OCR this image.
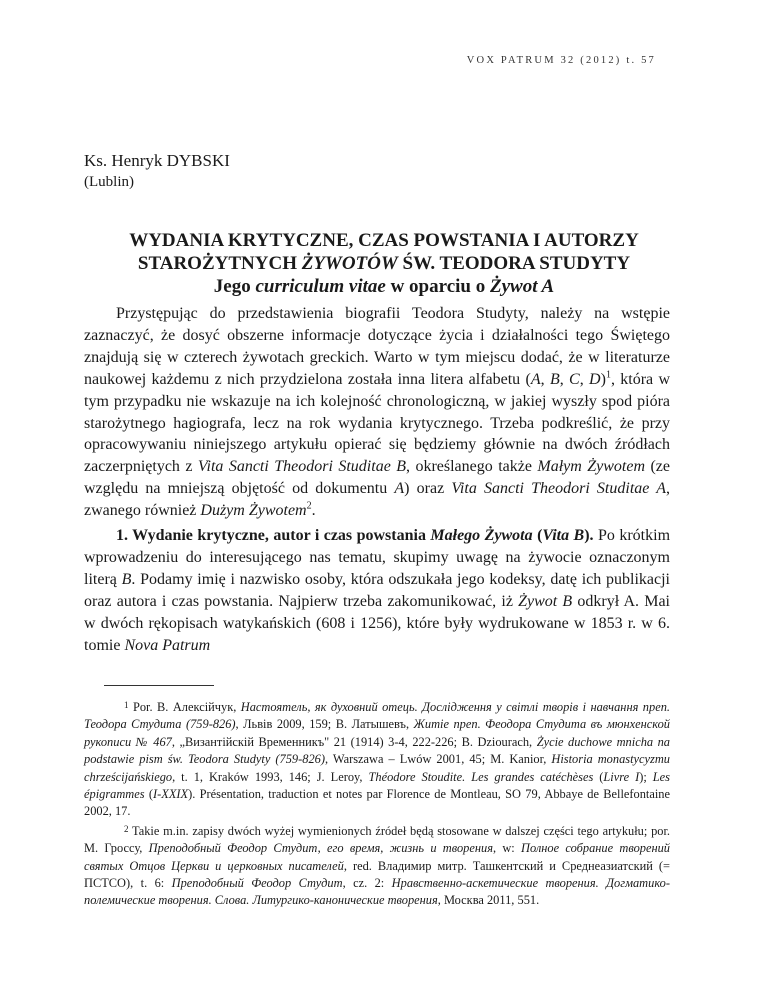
VOX PATRUM 32 (2012) t. 57
Ks. Henryk DYBSKI
(Lublin)
WYDANIA KRYTYCZNE, CZAS POWSTANIA I AUTORZY
STAROŻYTNYCH ŻYWOTÓW ŚW. TEODORA STUDYTY
Jego curriculum vitae w oparciu o Żywot A
Przystępując do przedstawienia biografii Teodora Studyty, należy na wstępie zaznaczyć, że dosyć obszerne informacje dotyczące życia i działalności tego Świętego znajdują się w czterech żywotach greckich. Warto w tym miejscu dodać, że w literaturze naukowej każdemu z nich przydzielona została inna litera alfabetu (A, B, C, D)$^1$, która w tym przypadku nie wskazuje na ich kolejność chronologiczną, w jakiej wyszły spod pióra starożytnego hagiografa, lecz na rok wydania krytycznego. Trzeba podkreślić, że przy opracowywaniu niniejszego artykułu opierać się będziemy głównie na dwóch źródłach zaczerpniętych z Vita Sancti Theodori Studitae B, określanego także Małym Żywotem (ze względu na mniejszą objętość od dokumentu A) oraz Vita Sancti Theodori Studitae A, zwanego również Dużym Żywotem$^2$.
1. Wydanie krytyczne, autor i czas powstania Małego Żywota (Vita B). Po krótkim wprowadzeniu do interesującego nas tematu, skupimy uwagę na żywocie oznaczonym literą B. Podamy imię i nazwisko osoby, która odszukała jego kodeksy, datę ich publikacji oraz autora i czas powstania. Najpierw trzeba zakomunikować, iż Żywot B odkrył A. Mai w dwóch rękopisach watykańskich (608 i 1256), które były wydrukowane w 1853 r. w 6. tomie Nova Patrum

$^1$ Por. В. Алексійчук, Настоятель, як духовний отець. Дослідження у світлі творів і навчання преп. Теодора Студита (759-826), Львів 2009, 159; В. Латышевъ, Житіе преп. Феодора Студита въ мюнхенской рукописи № 467, „Византійскій Временникъ" 21 (1914) 3-4, 222-226; B. Dziourach, Życie duchowe mnicha na podstawie pism św. Teodora Studyty (759-826), Warszawa – Lwów 2001, 45; M. Kanior, Historia monastycyzmu chrześcijańskiego, t. 1, Kraków 1993, 146; J. Leroy, Théodore Stoudite. Les grandes catéchèses (Livre I); Les épigrammes (I-XXIX). Présentation, traduction et notes par Florence de Montleau, SO 79, Abbaye de Bellefontaine 2002, 17.

$^2$ Takie m.in. zapisy dwóch wyżej wymienionych źródeł będą stosowane w dalszej części tego artykułu; por. M. Гроссу, Преподобный Феодор Студит, его время, жизнь и творения, w: Полное собрание творений святых Отцов Церкви и церковных писателей, red. Владимир митр. Ташкентский и Среднеазиатский (= ПСТСО), t. 6: Преподобный Феодор Студит, cz. 2: Нравственно-аскетические творения. Догматико-полемические творения. Слова. Литургико-канонические творения, Москва 2011, 551.
